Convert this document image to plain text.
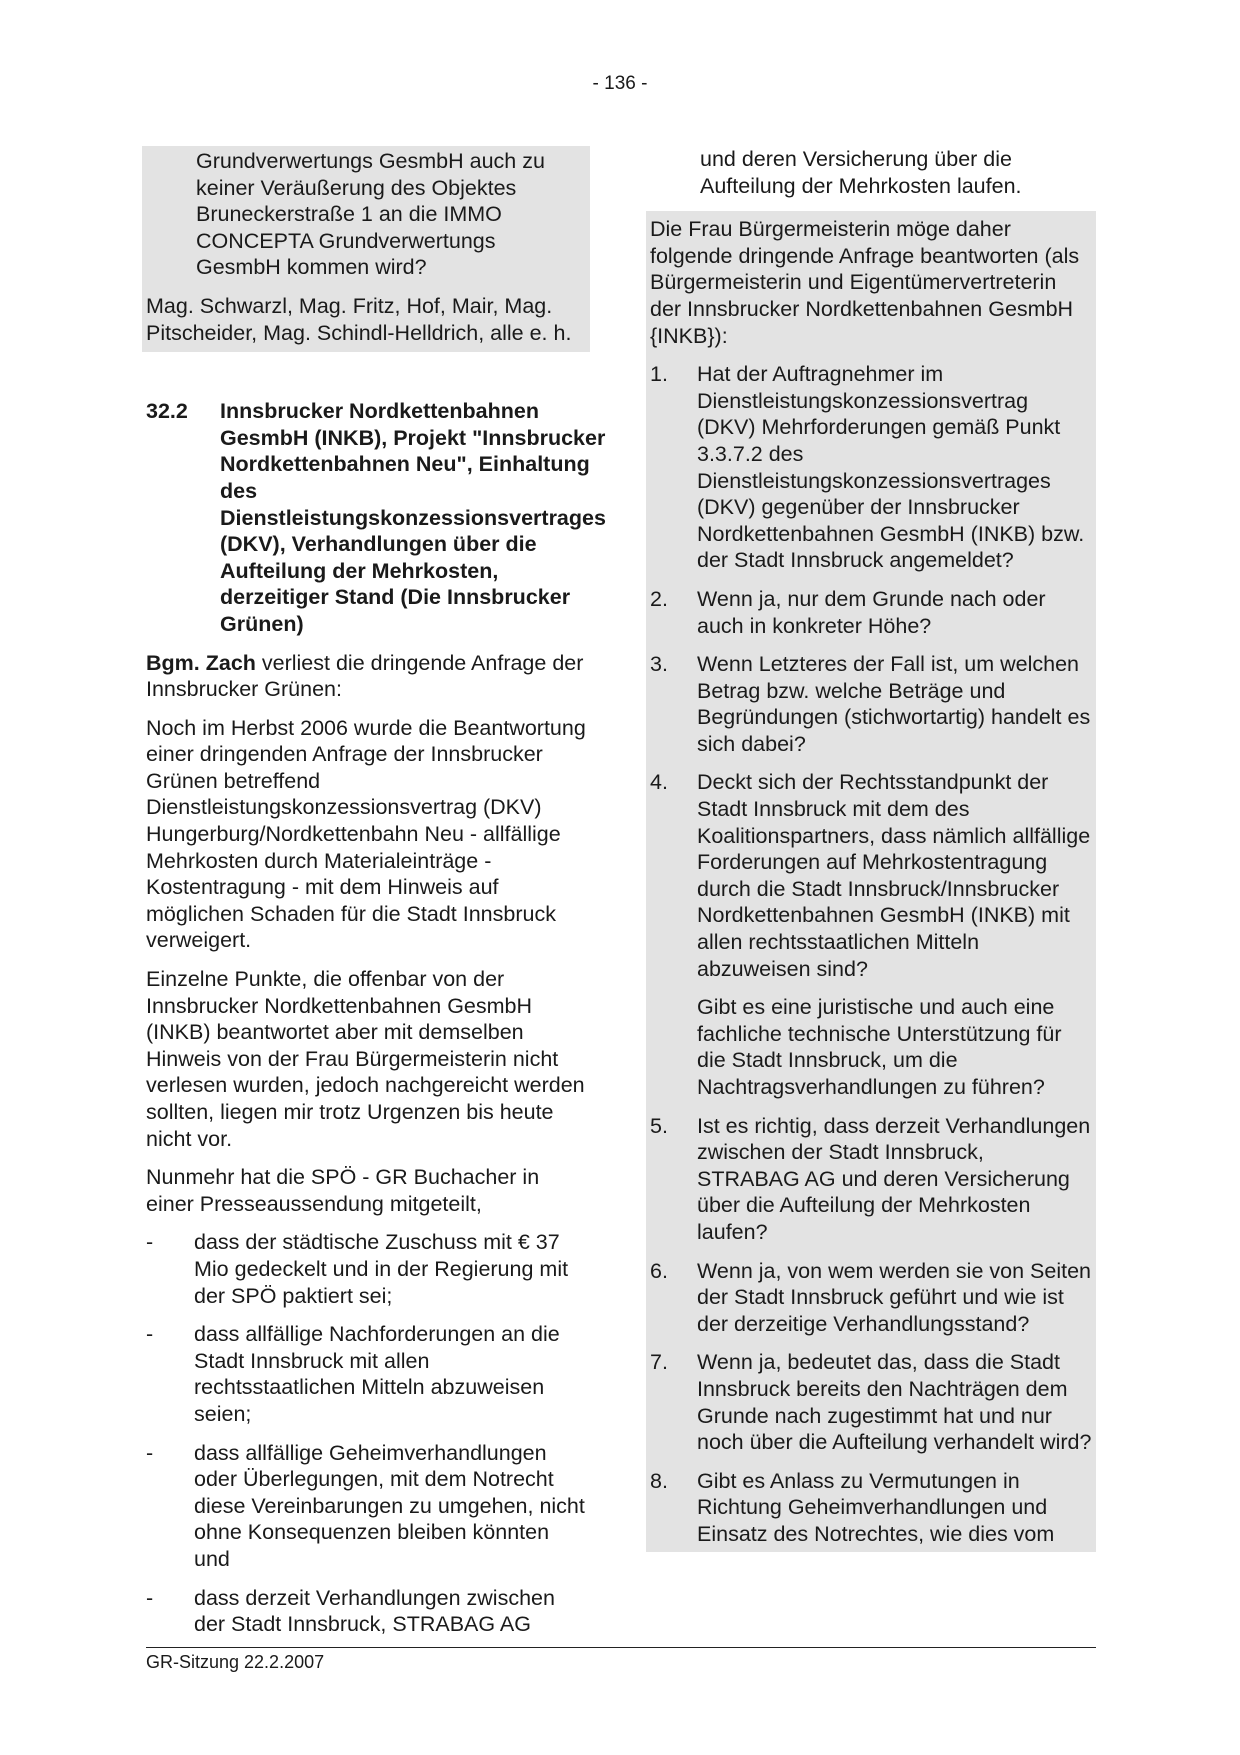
- 136 -

Grundverwertungs GesmbH auch zu keiner Veräußerung des Objektes Bruneckerstraße 1 an die IMMO CONCEPTA Grundverwertungs GesmbH kommen wird?

Mag. Schwarzl, Mag. Fritz, Hof, Mair, Mag. Pitscheider, Mag. Schindl-Helldrich, alle e. h.

32.2	Innsbrucker Nordkettenbahnen GesmbH (INKB), Projekt "Innsbrucker Nordkettenbahnen Neu", Einhaltung des Dienstleistungskonzessionsvertrages (DKV), Verhandlungen über die Aufteilung der Mehrkosten, derzeitiger Stand (Die Innsbrucker Grünen)

Bgm. Zach verliest die dringende Anfrage der Innsbrucker Grünen:

Noch im Herbst 2006 wurde die Beantwortung einer dringenden Anfrage der Innsbrucker Grünen betreffend Dienstleistungskonzessionsvertrag (DKV) Hungerburg/Nordkettenbahn Neu - allfällige Mehrkosten durch Materialeinträge - Kostentragung - mit dem Hinweis auf möglichen Schaden für die Stadt Innsbruck verweigert.

Einzelne Punkte, die offenbar von der Innsbrucker Nordkettenbahnen GesmbH (INKB) beantwortet aber mit demselben Hinweis von der Frau Bürgermeisterin nicht verlesen wurden, jedoch nachgereicht werden sollten, liegen mir trotz Urgenzen bis heute nicht vor.

Nunmehr hat die SPÖ - GR Buchacher in einer Presseaussendung mitgeteilt,

-	dass der städtische Zuschuss mit € 37 Mio gedeckelt und in der Regierung mit der SPÖ paktiert sei;
-	dass allfällige Nachforderungen an die Stadt Innsbruck mit allen rechtsstaatlichen Mitteln abzuweisen seien;
-	dass allfällige Geheimverhandlungen oder Überlegungen, mit dem Notrecht diese Vereinbarungen zu umgehen, nicht ohne Konsequenzen bleiben könnten und
-	dass derzeit Verhandlungen zwischen der Stadt Innsbruck, STRABAG AG
und deren Versicherung über die Aufteilung der Mehrkosten laufen.

Die Frau Bürgermeisterin möge daher folgende dringende Anfrage beantworten (als Bürgermeisterin und Eigentümervertreterin der Innsbrucker Nordkettenbahnen GesmbH {INKB}):

1.	Hat der Auftragnehmer im Dienstleistungskonzessionsvertrag (DKV) Mehrforderungen gemäß Punkt 3.3.7.2 des Dienstleistungskonzessionsvertrages (DKV) gegenüber der Innsbrucker Nordkettenbahnen GesmbH (INKB) bzw. der Stadt Innsbruck angemeldet?
2.	Wenn ja, nur dem Grunde nach oder auch in konkreter Höhe?
3.	Wenn Letzteres der Fall ist, um welchen Betrag bzw. welche Beträge und Begründungen (stichwortartig) handelt es sich dabei?
4.	Deckt sich der Rechtsstandpunkt der Stadt Innsbruck mit dem des Koalitionspartners, dass nämlich allfällige Forderungen auf Mehrkostentragung durch die Stadt Innsbruck/Innsbrucker Nordkettenbahnen GesmbH (INKB) mit allen rechtsstaatlichen Mitteln abzuweisen sind?

Gibt es eine juristische und auch eine fachliche technische Unterstützung für die Stadt Innsbruck, um die Nachtragsverhandlungen zu führen?

5.	Ist es richtig, dass derzeit Verhandlungen zwischen der Stadt Innsbruck, STRABAG AG und deren Versicherung über die Aufteilung der Mehrkosten laufen?
6.	Wenn ja, von wem werden sie von Seiten der Stadt Innsbruck geführt und wie ist der derzeitige Verhandlungsstand?
7.	Wenn ja, bedeutet das, dass die Stadt Innsbruck bereits den Nachträgen dem Grunde nach zugestimmt hat und nur noch über die Aufteilung verhandelt wird?
8.	Gibt es Anlass zu Vermutungen in Richtung Geheimverhandlungen und Einsatz des Notrechtes, wie dies vom
GR-Sitzung 22.2.2007
